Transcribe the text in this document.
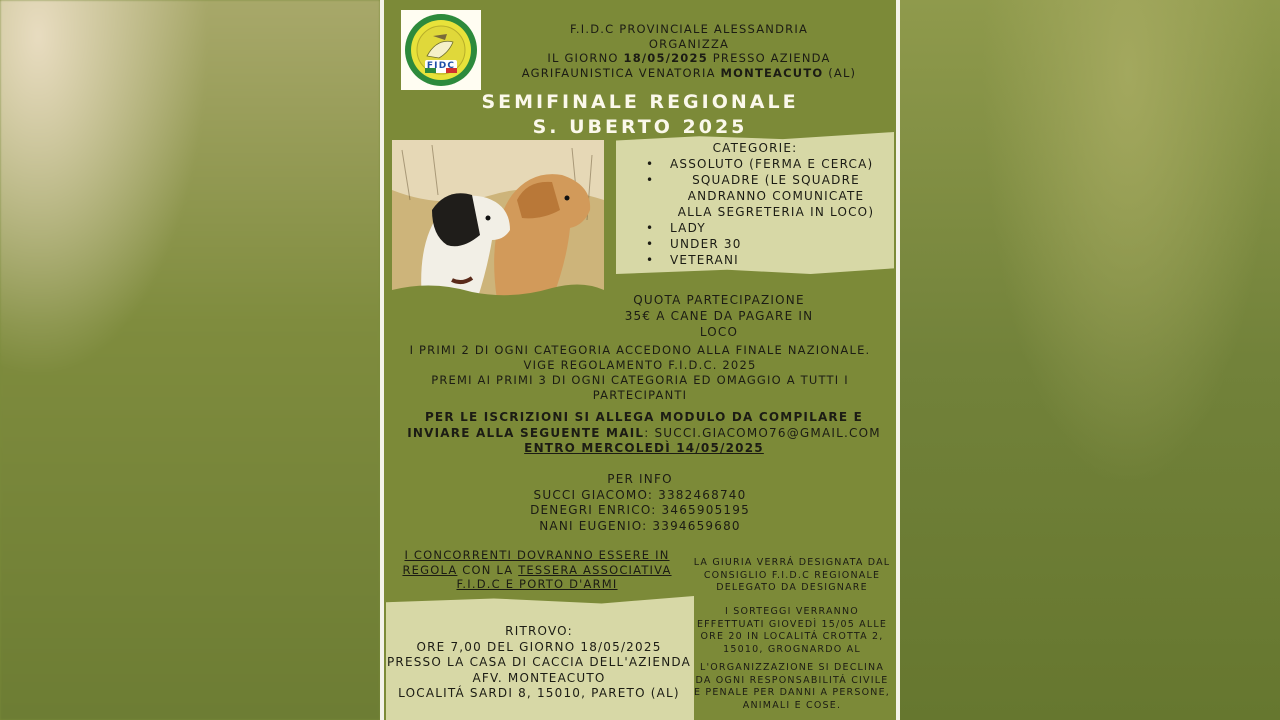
FIDC
F.I.D.C PROVINCIALE ALESSANDRIA
ORGANIZZA
IL GIORNO 18/05/2025 PRESSO AZIENDA
AGRIFAUNISTICA VENATORIA MONTEACUTO (AL)
SEMIFINALE REGIONALE
S. UBERTO 2025
CATEGORIE:
• ASSOLUTO (FERMA E CERCA)
• SQUADRE (LE SQUADRE ANDRANNO COMUNICATE ALLA SEGRETERIA IN LOCO)
• LADY
• UNDER 30
• VETERANI
QUOTA PARTECIPAZIONE
35€ A CANE DA PAGARE IN
LOCO
I PRIMI 2 DI OGNI CATEGORIA ACCEDONO ALLA FINALE NAZIONALE.
VIGE REGOLAMENTO F.I.D.C. 2025
PREMI AI PRIMI 3 DI OGNI CATEGORIA ED OMAGGIO A TUTTI I
PARTECIPANTI
PER LE ISCRIZIONI SI ALLEGA MODULO DA COMPILARE E
INVIARE ALLA SEGUENTE MAIL: SUCCI.GIACOMO76@GMAIL.COM
ENTRO MERCOLEDÌ 14/05/2025
PER INFO
SUCCI GIACOMO: 3382468740
DENEGRI ENRICO: 3465905195
NANI EUGENIO: 3394659680
I CONCORRENTI DOVRANNO ESSERE IN
REGOLA CON LA TESSERA ASSOCIATIVA
F.I.D.C E PORTO D'ARMI
LA GIURIA VERRÁ DESIGNATA DAL CONSIGLIO F.I.D.C REGIONALE DELEGATO DA DESIGNARE
I SORTEGGI VERRANNO EFFETTUATI GIOVEDÌ 15/05 ALLE ORE 20 IN LOCALITÁ CROTTA 2, 15010, GROGNARDO AL
L'ORGANIZZAZIONE SI DECLINA DA OGNI RESPONSABILITÁ CIVILE E PENALE PER DANNI A PERSONE, ANIMALI E COSE.
RITROVO:
ORE 7,00 DEL GIORNO 18/05/2025
PRESSO LA CASA DI CACCIA DELL'AZIENDA
AFV. MONTEACUTO
LOCALITÁ SARDI 8, 15010, PARETO (AL)
